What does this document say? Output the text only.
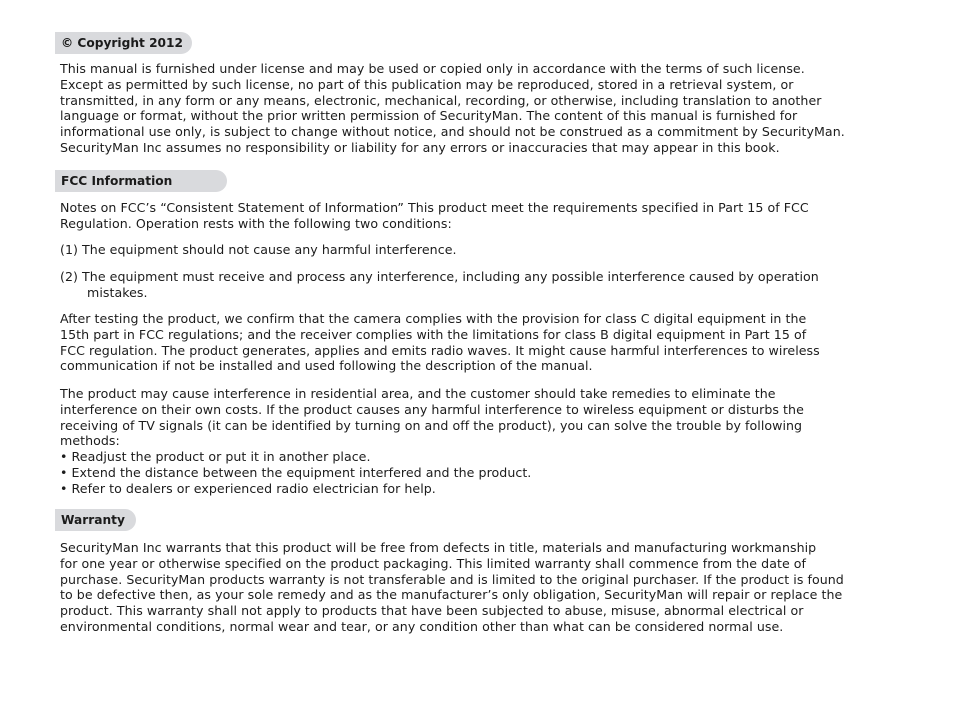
© Copyright 2012
This manual is furnished under license and may be used or copied only in accordance with the terms of such license.
Except as permitted by such license, no part of this publication may be reproduced, stored in a retrieval system, or
transmitted, in any form or any means, electronic, mechanical, recording, or otherwise, including translation to another
language or format, without the prior written permission of SecurityMan. The content of this manual is furnished for
informational use only, is subject to change without notice, and should not be construed as a commitment by SecurityMan.
SecurityMan Inc assumes no responsibility or liability for any errors or inaccuracies that may appear in this book.
FCC Information
Notes on FCC’s “Consistent Statement of Information” This product meet the requirements specified in Part 15 of FCC
Regulation. Operation rests with the following two conditions:
(1) The equipment should not cause any harmful interference.
(2) The equipment must receive and process any interference, including any possible interference caused by operation
mistakes.
After testing the product, we confirm that the camera complies with the provision for class C digital equipment in the
15th part in FCC regulations; and the receiver complies with the limitations for class B digital equipment in Part 15 of
FCC regulation. The product generates, applies and emits radio waves. It might cause harmful interferences to wireless
communication if not be installed and used following the description of the manual.
The product may cause interference in residential area, and the customer should take remedies to eliminate the
interference on their own costs. If the product causes any harmful interference to wireless equipment or disturbs the
receiving of TV signals (it can be identified by turning on and off the product), you can solve the trouble by following
methods:
• Readjust the product or put it in another place.
• Extend the distance between the equipment interfered and the product.
• Refer to dealers or experienced radio electrician for help.
Warranty
SecurityMan Inc warrants that this product will be free from defects in title, materials and manufacturing workmanship
for one year or otherwise specified on the product packaging. This limited warranty shall commence from the date of
purchase. SecurityMan products warranty is not transferable and is limited to the original purchaser. If the product is found
to be defective then, as your sole remedy and as the manufacturer’s only obligation, SecurityMan will repair or replace the
product. This warranty shall not apply to products that have been subjected to abuse, misuse, abnormal electrical or
environmental conditions, normal wear and tear, or any condition other than what can be considered normal use.
